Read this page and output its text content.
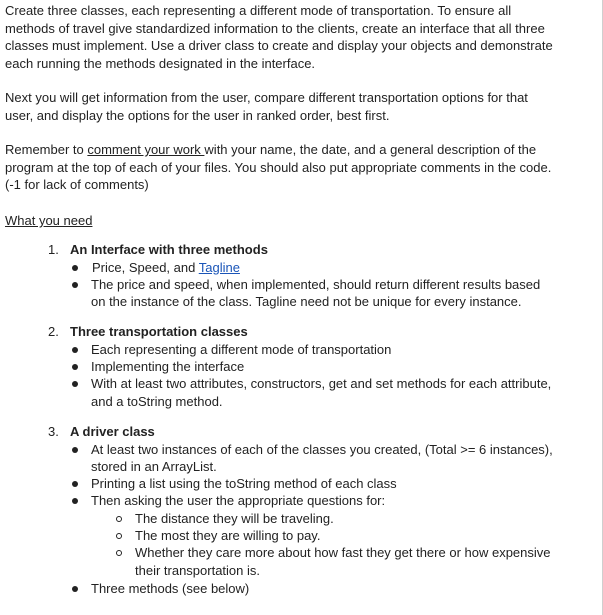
Create three classes, each representing a different mode of transportation. To ensure all
methods of travel give standardized information to the clients, create an interface that all three
classes must implement. Use a driver class to create and display your objects and demonstrate
each running the methods designated in the interface.

Next you will get information from the user, compare different transportation options for that
user, and display the options for the user in ranked order, best first.

Remember to comment your work with your name, the date, and a general description of the
program at the top of each of your files. You should also put appropriate comments in the code.
(-1 for lack of comments)

What you need
1. An Interface with three methods
Price, Speed, and Tagline
The price and speed, when implemented, should return different results based
on the instance of the class. Tagline need not be unique for every instance.
2. Three transportation classes
Each representing a different mode of transportation
Implementing the interface
With at least two attributes, constructors, get and set methods for each attribute,
and a toString method.
3. A driver class
At least two instances of each of the classes you created, (Total >= 6 instances),
stored in an ArrayList.
Printing a list using the toString method of each class
Then asking the user the appropriate questions for:
The distance they will be traveling.
The most they are willing to pay.
Whether they care more about how fast they get there or how expensive
their transportation is.
Three methods (see below)
